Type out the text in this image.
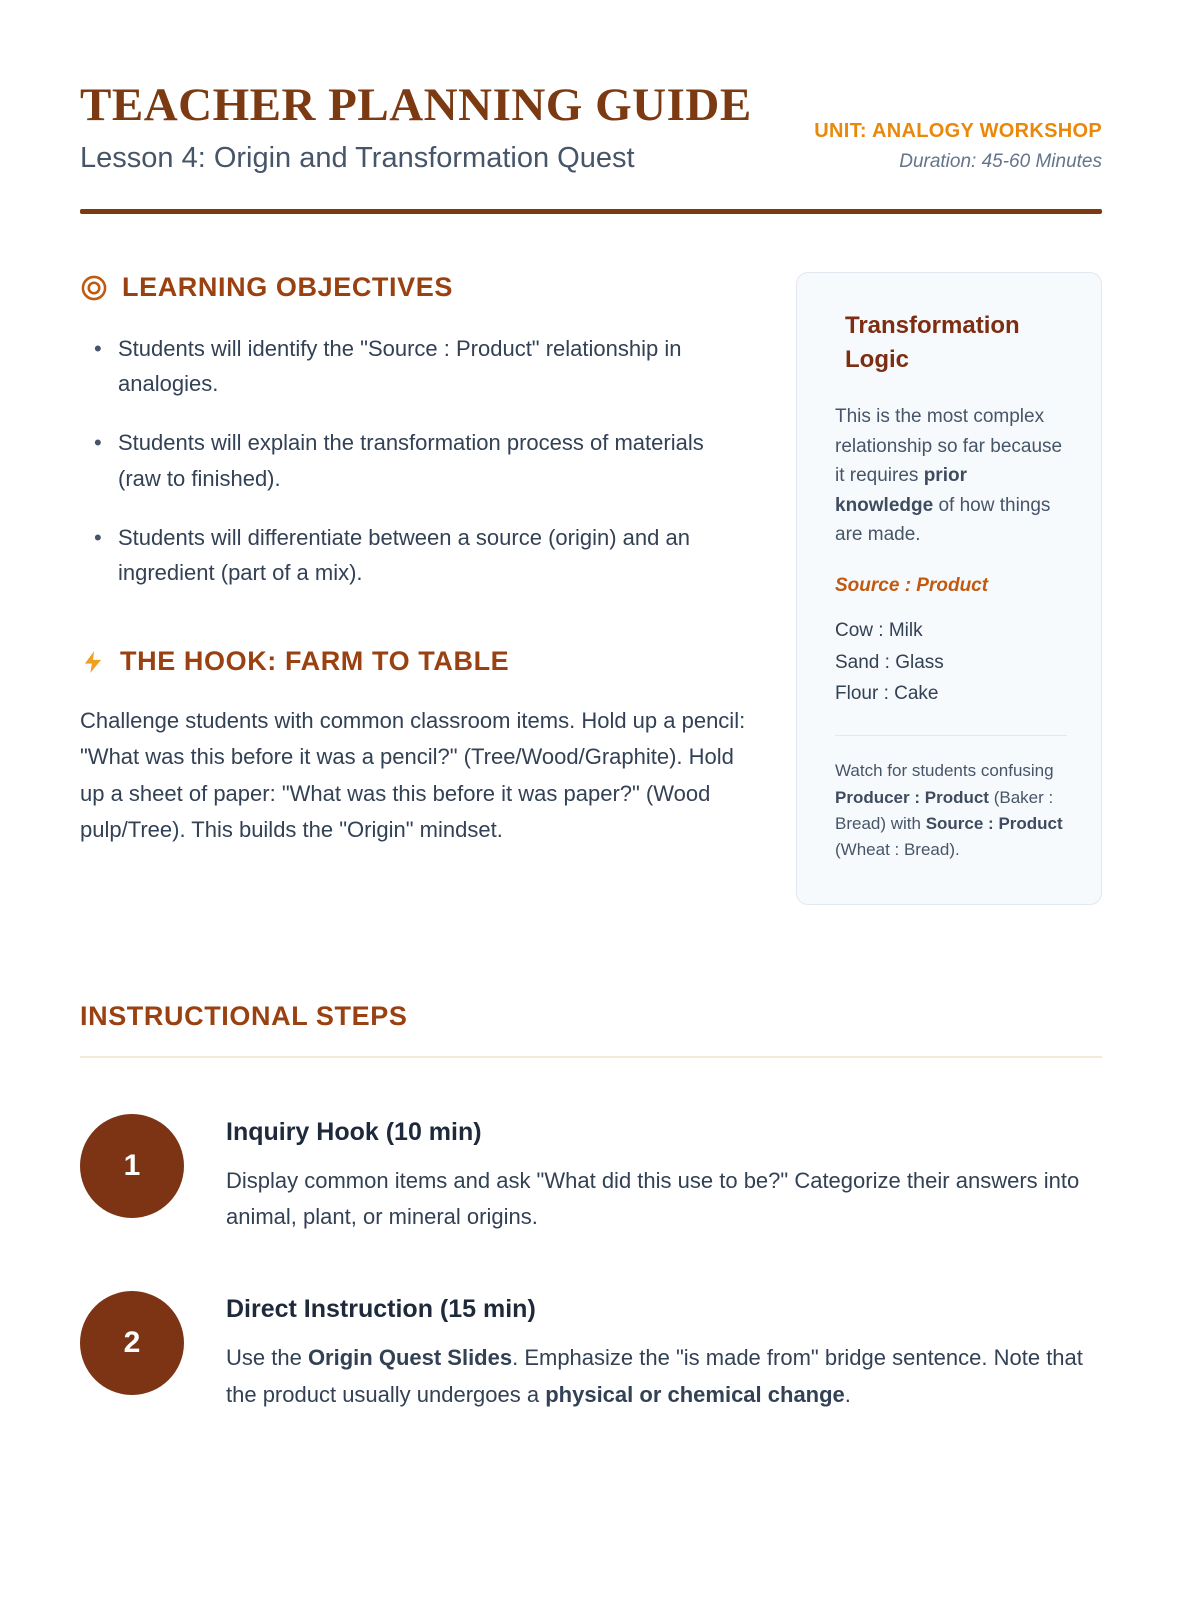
TEACHER PLANNING GUIDE
Lesson 4: Origin and Transformation Quest
UNIT: ANALOGY WORKSHOP
Duration: 45-60 Minutes
LEARNING OBJECTIVES
• Students will identify the "Source : Product" relationship in analogies.
• Students will explain the transformation process of materials (raw to finished).
• Students will differentiate between a source (origin) and an ingredient (part of a mix).
THE HOOK: FARM TO TABLE

Challenge students with common classroom items. Hold up a pencil: "What was this before it was a pencil?" (Tree/Wood/Graphite). Hold up a sheet of paper: "What was this before it was paper?" (Wood pulp/Tree). This builds the "Origin" mindset.

Transformation Logic

This is the most complex relationship so far because it requires prior knowledge of how things are made.

Source : Product
Cow : Milk
Sand : Glass
Flour : Cake

Watch for students confusing Producer : Product (Baker : Bread) with Source : Product (Wheat : Bread).

INSTRUCTIONAL STEPS
1
Inquiry Hook (10 min)

Display common items and ask "What did this use to be?" Categorize their answers into animal, plant, or mineral origins.

2
Direct Instruction (15 min)

Use the Origin Quest Slides. Emphasize the "is made from" bridge sentence. Note that the product usually undergoes a physical or chemical change.
